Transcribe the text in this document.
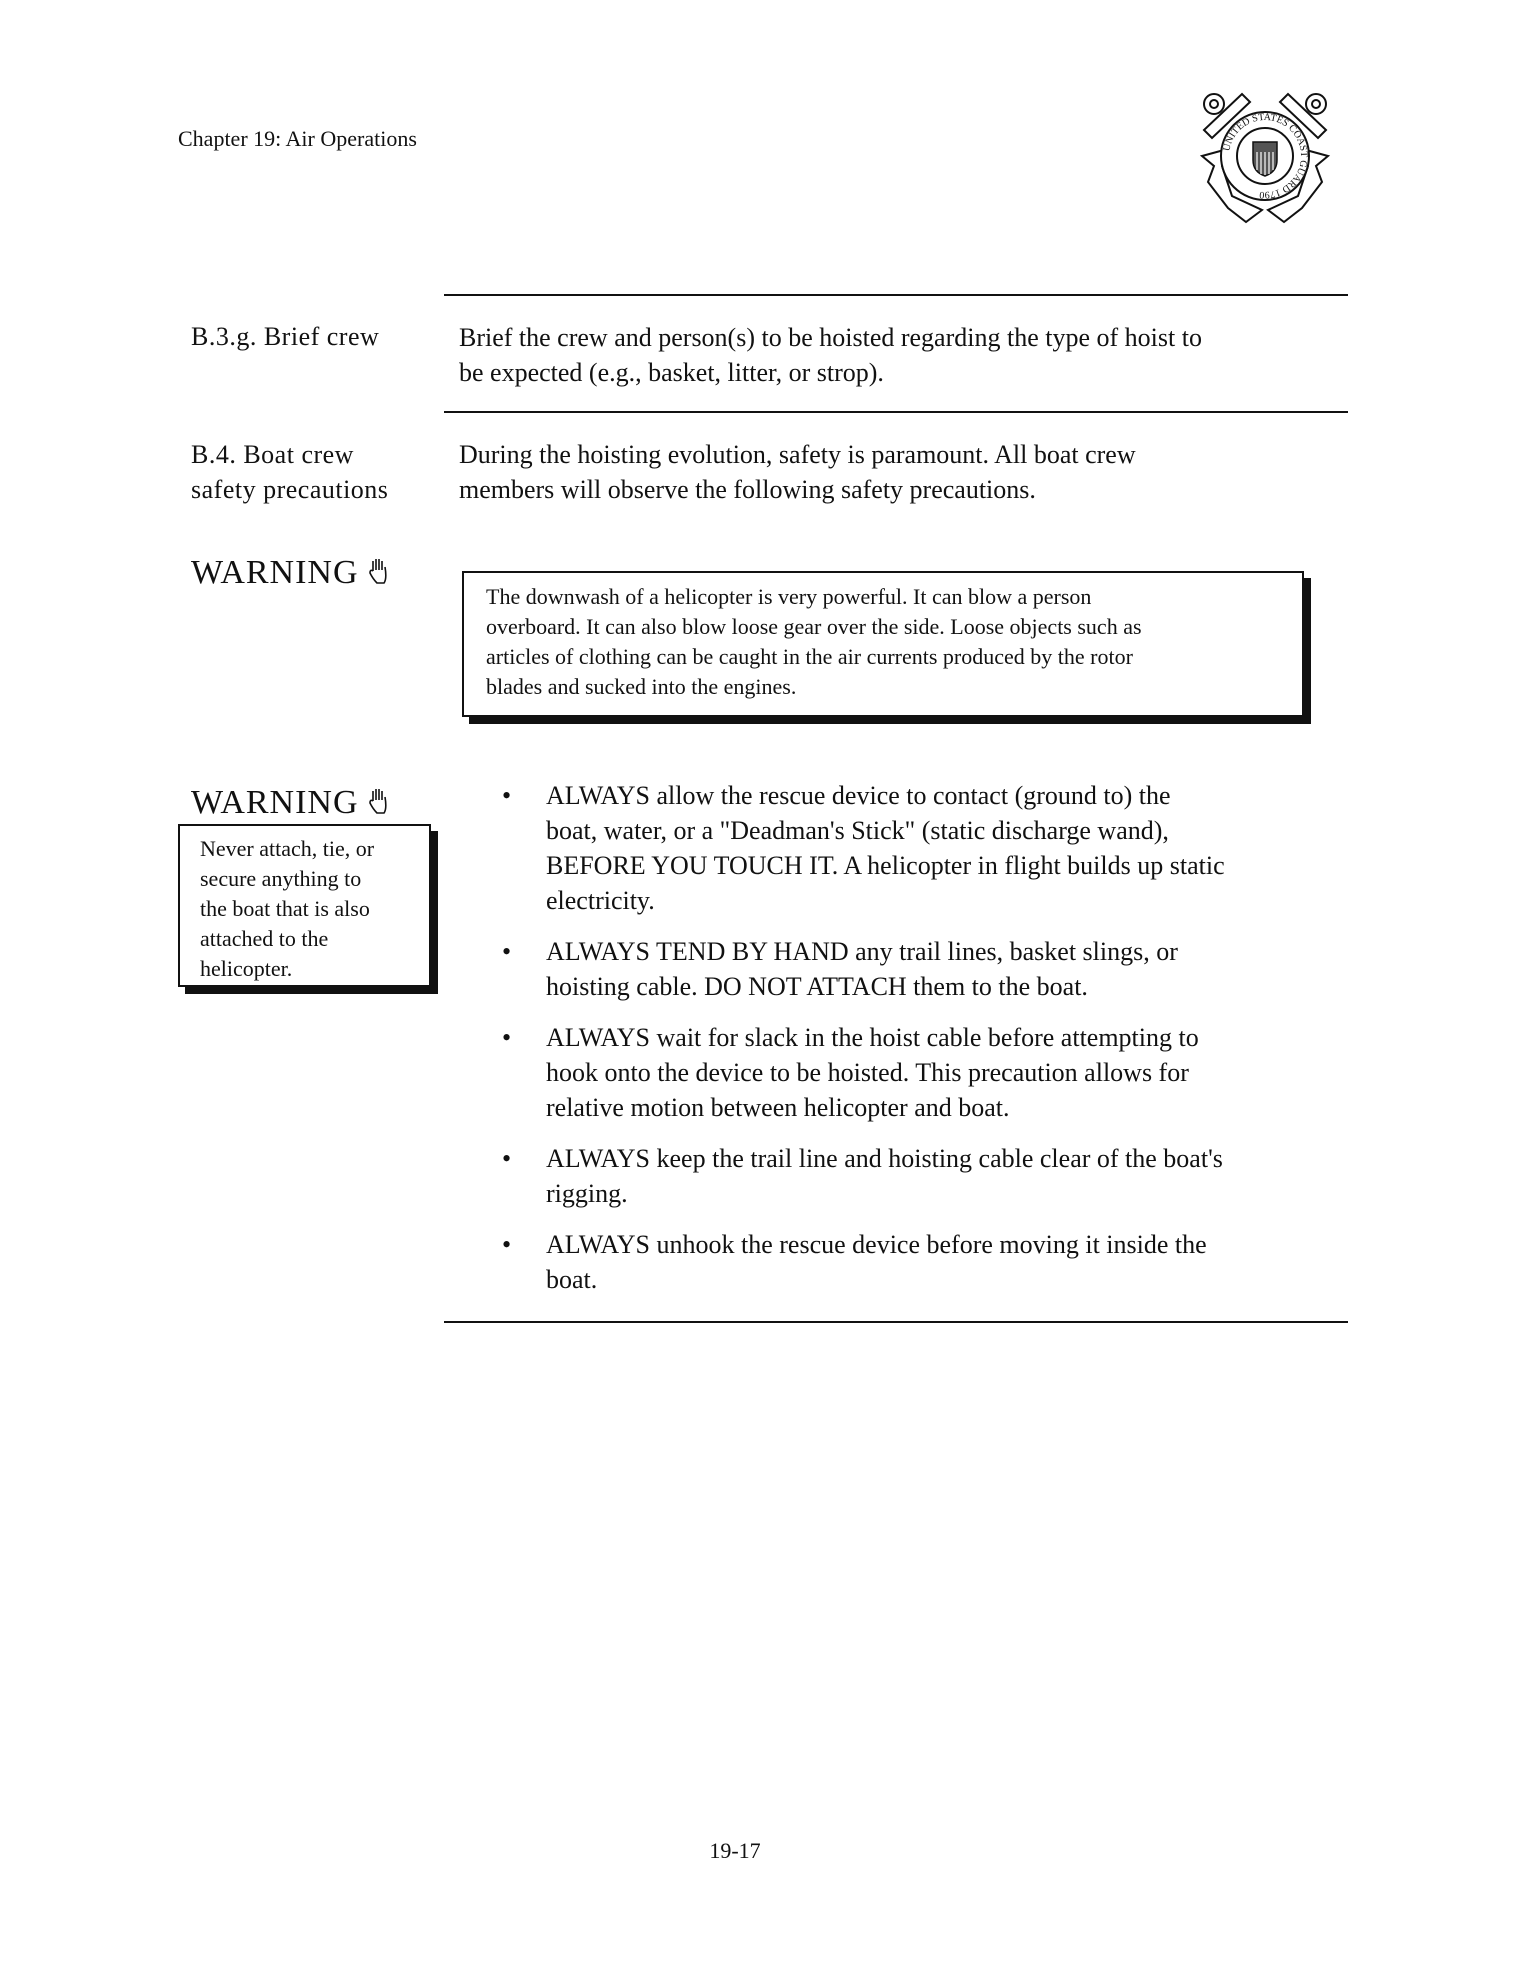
Chapter 19: Air Operations	UNITED STATES COAST GUARD 1790
B.3.g. Brief crew	Brief the crew and person(s) to be hoisted regarding the type of hoist to
be expected (e.g., basket, litter, or strop).
B.4. Boat crew
safety precautions
During the hoisting evolution, safety is paramount. All boat crew
members will observe the following safety precautions.
WARNING
The downwash of a helicopter is very powerful. It can blow a person
overboard. It can also blow loose gear over the side. Loose objects such as
articles of clothing can be caught in the air currents produced by the rotor
blades and sucked into the engines.
WARNING
Never attach, tie, or
secure anything to
the boat that is also
attached to the
helicopter.
• ALWAYS allow the rescue device to contact (ground to) the
boat, water, or a "Deadman's Stick" (static discharge wand),
BEFORE YOU TOUCH IT. A helicopter in flight builds up static
electricity.
• ALWAYS TEND BY HAND any trail lines, basket slings, or
hoisting cable. DO NOT ATTACH them to the boat.
• ALWAYS wait for slack in the hoist cable before attempting to
hook onto the device to be hoisted. This precaution allows for
relative motion between helicopter and boat.
• ALWAYS keep the trail line and hoisting cable clear of the boat's
rigging.
• ALWAYS unhook the rescue device before moving it inside the
boat.
19-17
